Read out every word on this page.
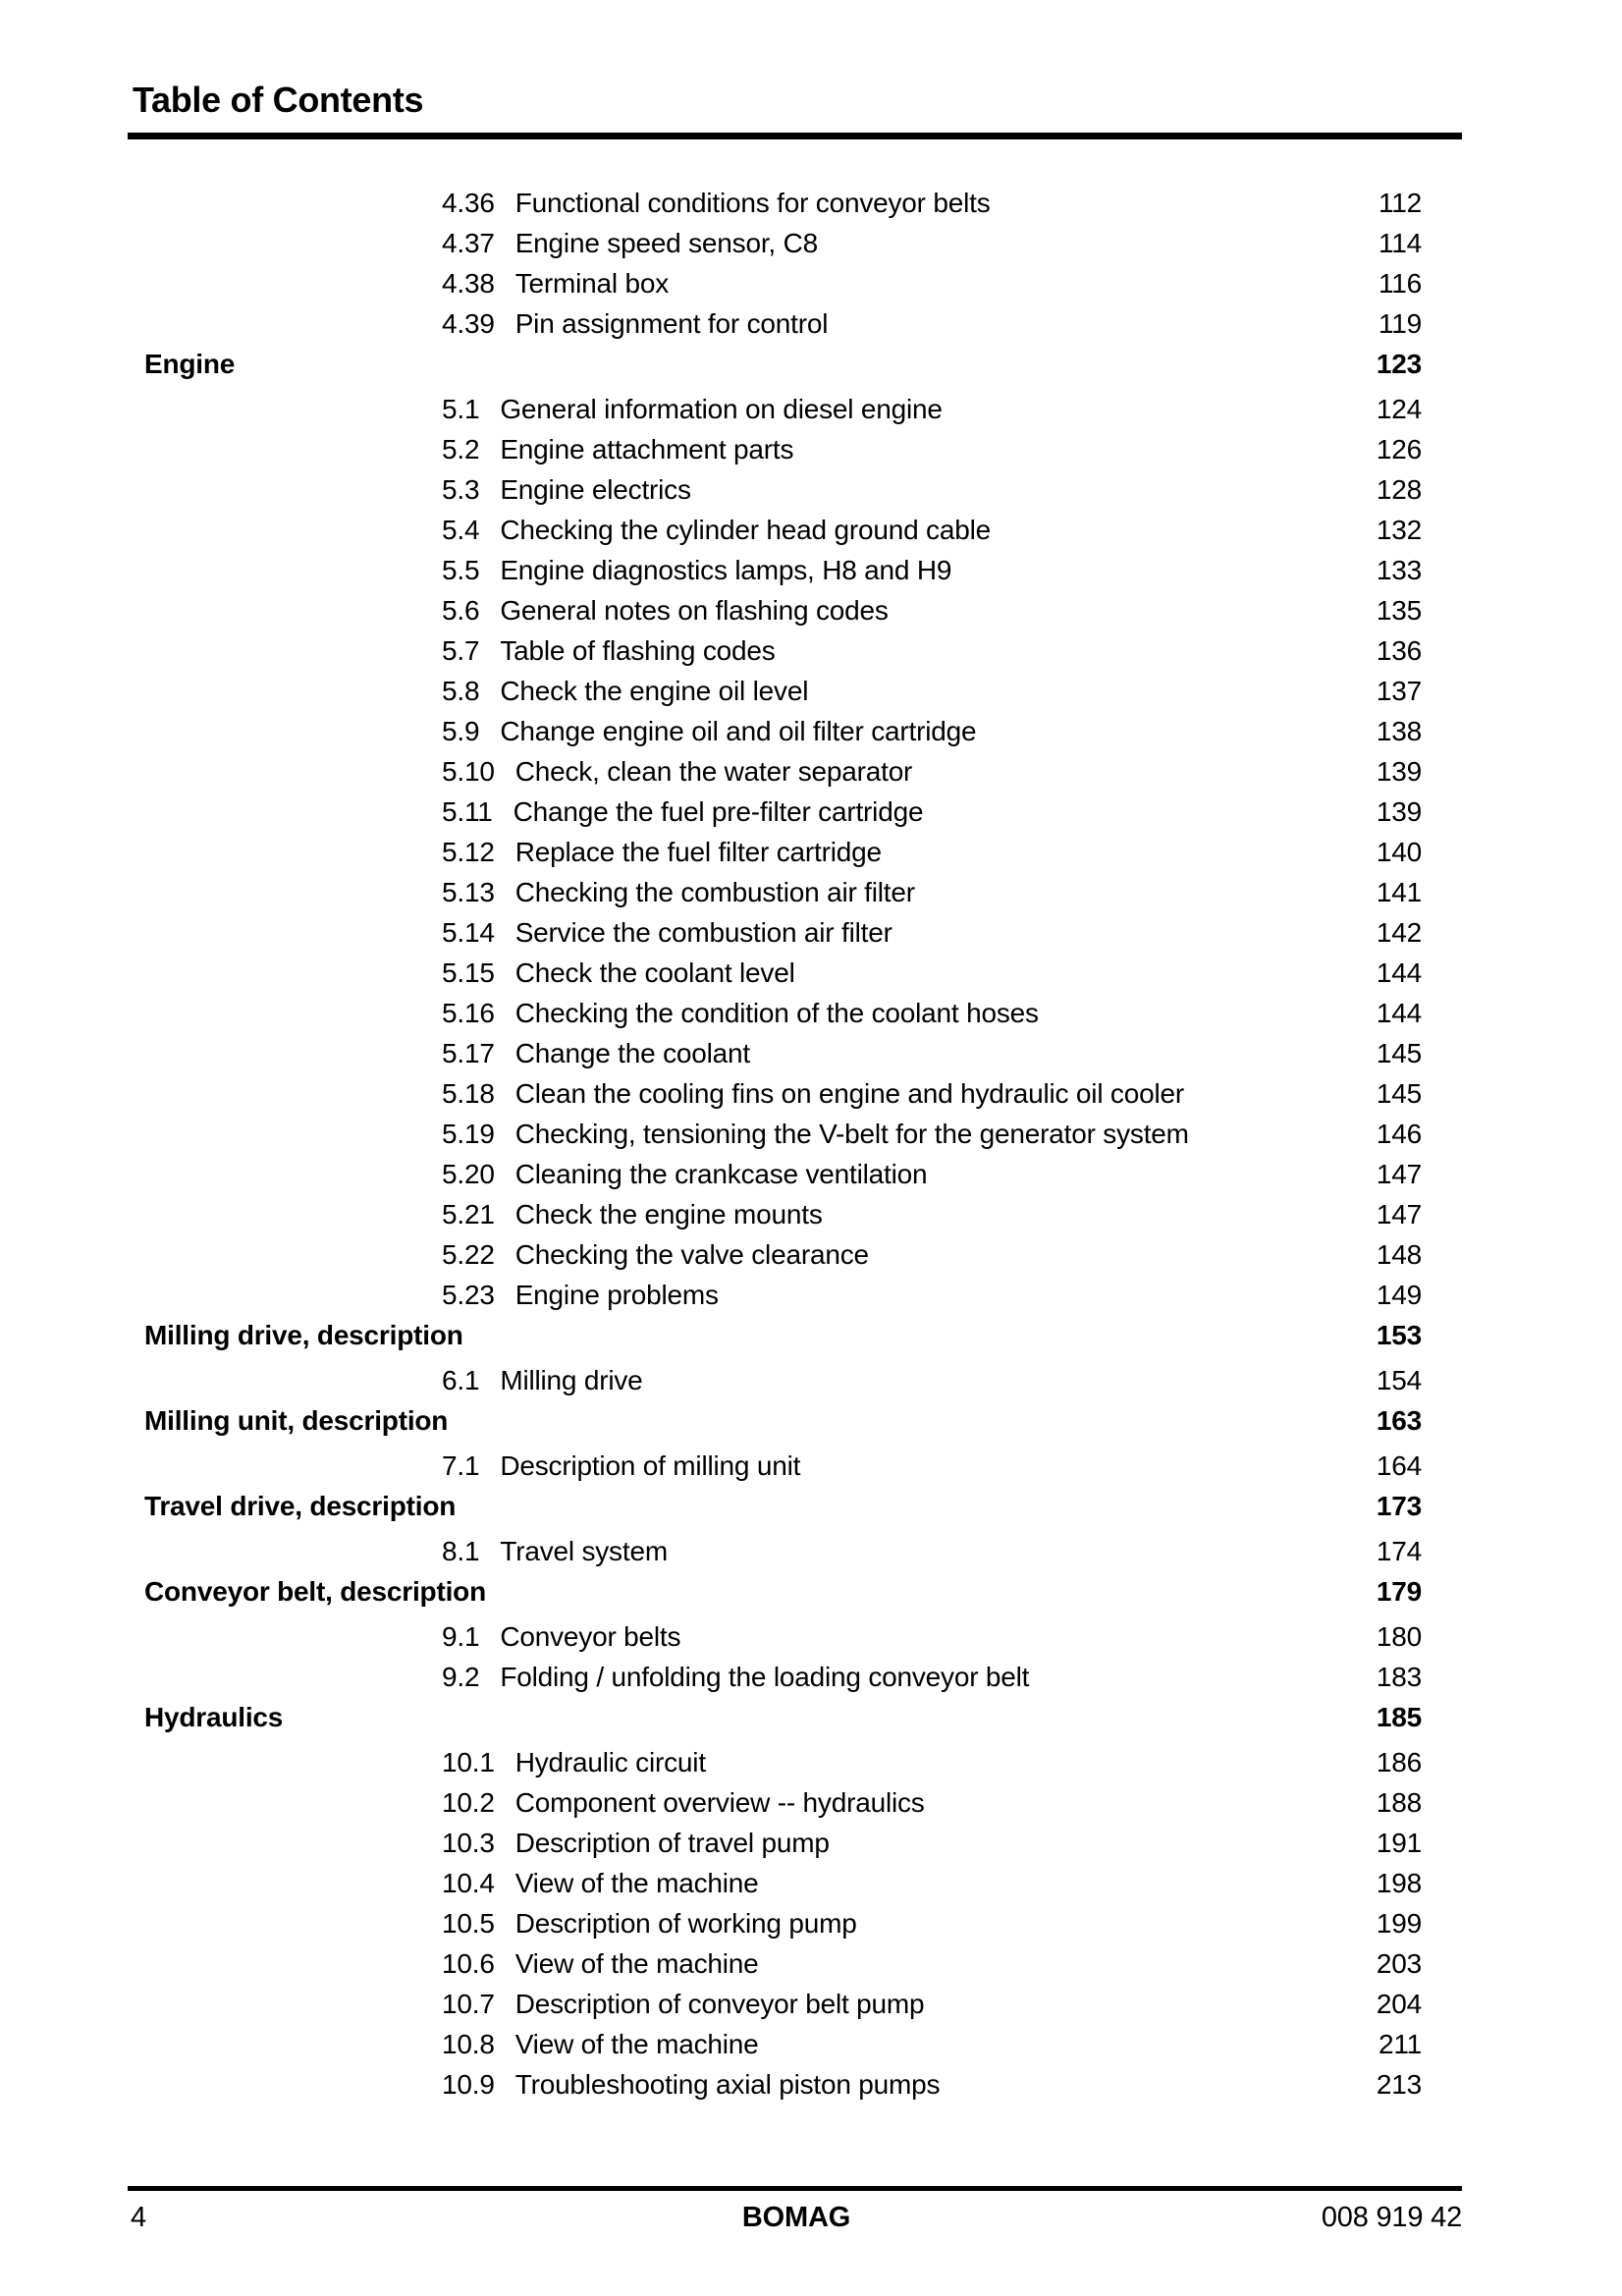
Table of Contents
4.36 Functional conditions for conveyor belts	112
4.37 Engine speed sensor, C8	114
4.38 Terminal box	116
4.39 Pin assignment for control	119
Engine	123
5.1 General information on diesel engine	124
5.2 Engine attachment parts	126
5.3 Engine electrics	128
5.4 Checking the cylinder head ground cable	132
5.5 Engine diagnostics lamps, H8 and H9	133
5.6 General notes on flashing codes	135
5.7 Table of flashing codes	136
5.8 Check the engine oil level	137
5.9 Change engine oil and oil filter cartridge	138
5.10 Check, clean the water separator	139
5.11 Change the fuel pre-filter cartridge	139
5.12 Replace the fuel filter cartridge	140
5.13 Checking the combustion air filter	141
5.14 Service the combustion air filter	142
5.15 Check the coolant level	144
5.16 Checking the condition of the coolant hoses	144
5.17 Change the coolant	145
5.18 Clean the cooling fins on engine and hydraulic oil cooler	145
5.19 Checking, tensioning the V-belt for the generator system	146
5.20 Cleaning the crankcase ventilation	147
5.21 Check the engine mounts	147
5.22 Checking the valve clearance	148
5.23 Engine problems	149
Milling drive, description	153
6.1 Milling drive	154
Milling unit, description	163
7.1 Description of milling unit	164
Travel drive, description	173
8.1 Travel system	174
Conveyor belt, description	179
9.1 Conveyor belts	180
9.2 Folding / unfolding the loading conveyor belt	183
Hydraulics	185
10.1 Hydraulic circuit	186
10.2 Component overview -- hydraulics	188
10.3 Description of travel pump	191
10.4 View of the machine	198
10.5 Description of working pump	199
10.6 View of the machine	203
10.7 Description of conveyor belt pump	204
10.8 View of the machine	211
10.9 Troubleshooting axial piston pumps	213
4	BOMAG	008 919 42
